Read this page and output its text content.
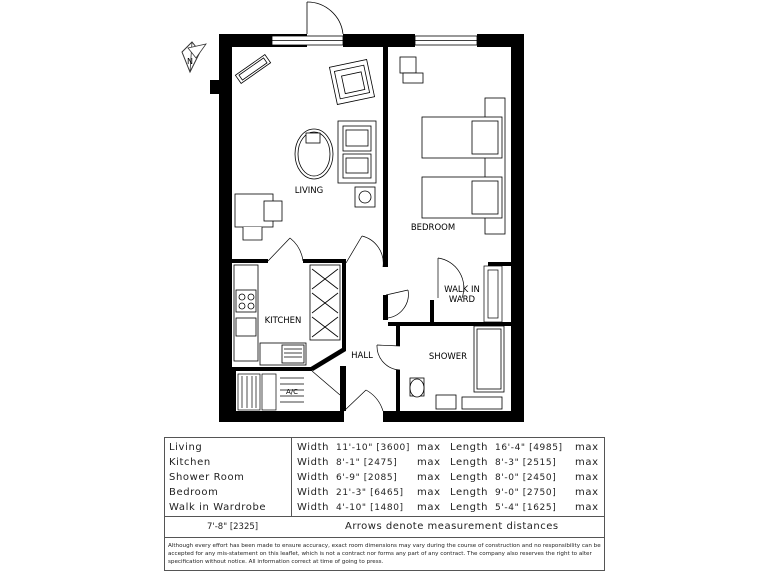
N
LIVING
BEDROOM
KITCHEN
WALK IN
WARD
SHOWER
HALL
A/C
Living	Width 11'-10" [3600] max Length 16'-4" [4985] max
Kitchen	Width 8'-1" [2475] max Length 8'-3" [2515] max
Shower Room	Width 6'-9" [2085] max Length 8'-0" [2450] max
Bedroom	Width 21'-3" [6465] max Length 9'-0" [2750] max
Walk in Wardrobe	Width 4'-10" [1480] max Length 5'-4" [1625] max
7'-8" [2325]	Arrows denote measurement distances
Although every effort has been made to ensure accuracy, exact room dimensions may vary during the course of construction and no responsibility can be accepted for any mis-statement on this leaflet, which is not a contract nor forms any part of any contract. The company also reserves the right to alter specification without notice. All information correct at time of going to press.
